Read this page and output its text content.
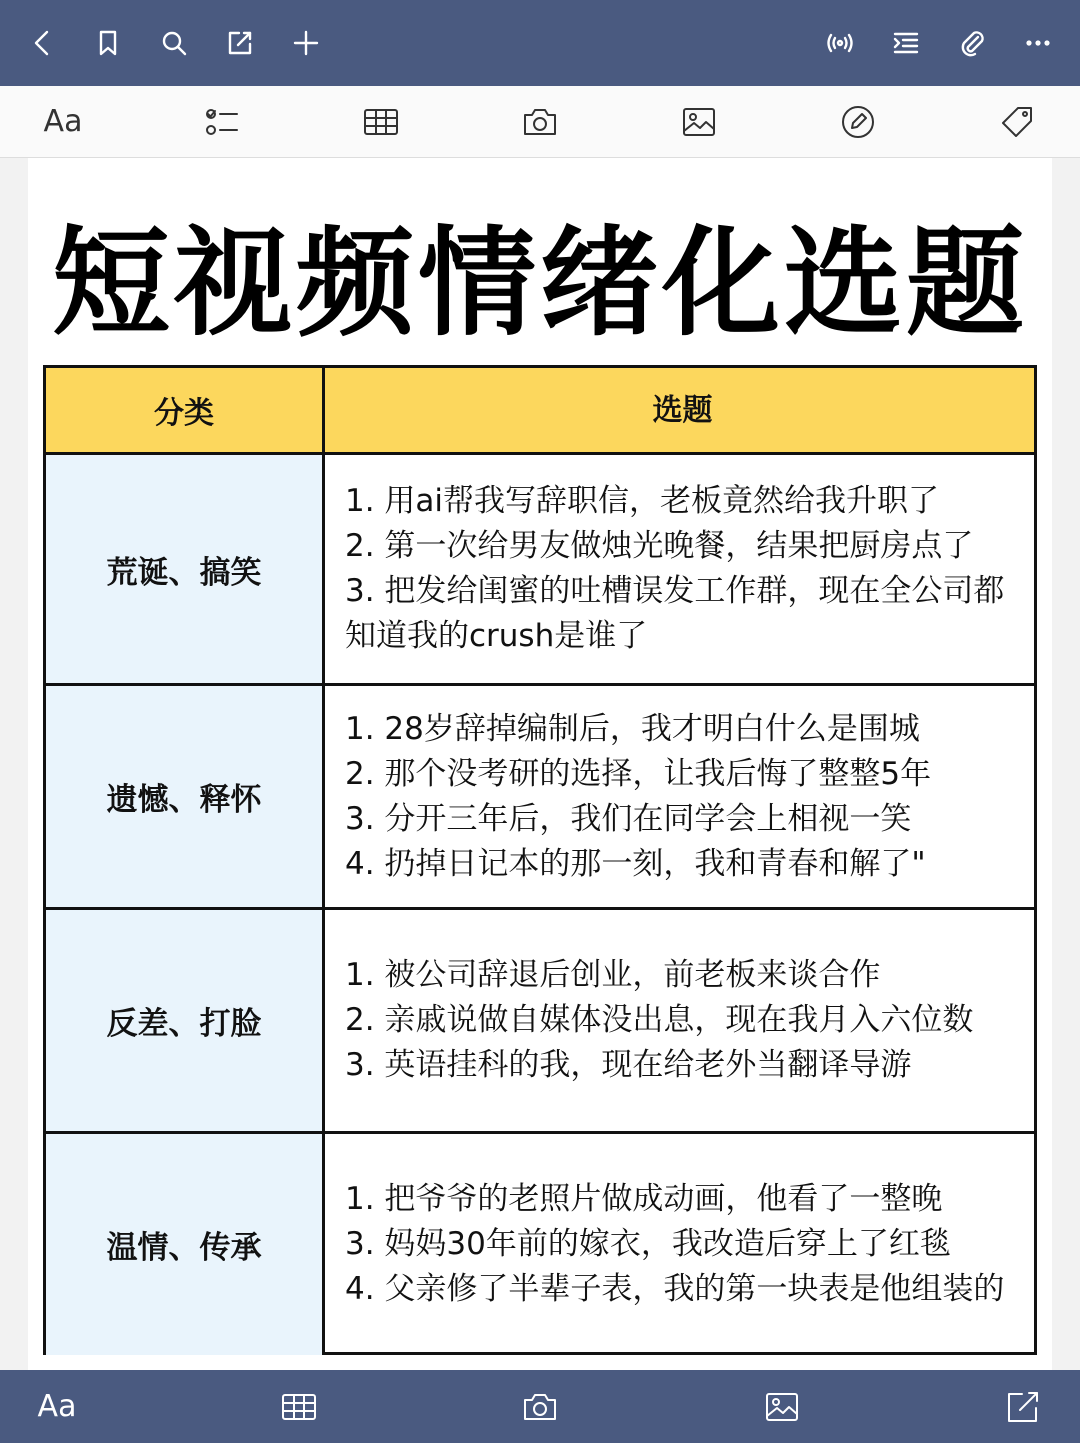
Aa
短视频情绪化选题
分类	选题
荒诞、搞笑
1. 用ai帮我写辞职信，老板竟然给我升职了
2. 第一次给男友做烛光晚餐，结果把厨房点了
3. 把发给闺蜜的吐槽误发工作群，现在全公司都知道我的crush是谁了
遗憾、释怀
1. 28岁辞掉编制后，我才明白什么是围城
2. 那个没考研的选择，让我后悔了整整5年
3. 分开三年后，我们在同学会上相视一笑
4. 扔掉日记本的那一刻，我和青春和解了"
反差、打脸
1. 被公司辞退后创业，前老板来谈合作
2. 亲戚说做自媒体没出息，现在我月入六位数
3. 英语挂科的我，现在给老外当翻译导游
温情、传承
1. 把爷爷的老照片做成动画，他看了一整晚
3. 妈妈30年前的嫁衣，我改造后穿上了红毯
4. 父亲修了半辈子表，我的第一块表是他组装的
Aa
